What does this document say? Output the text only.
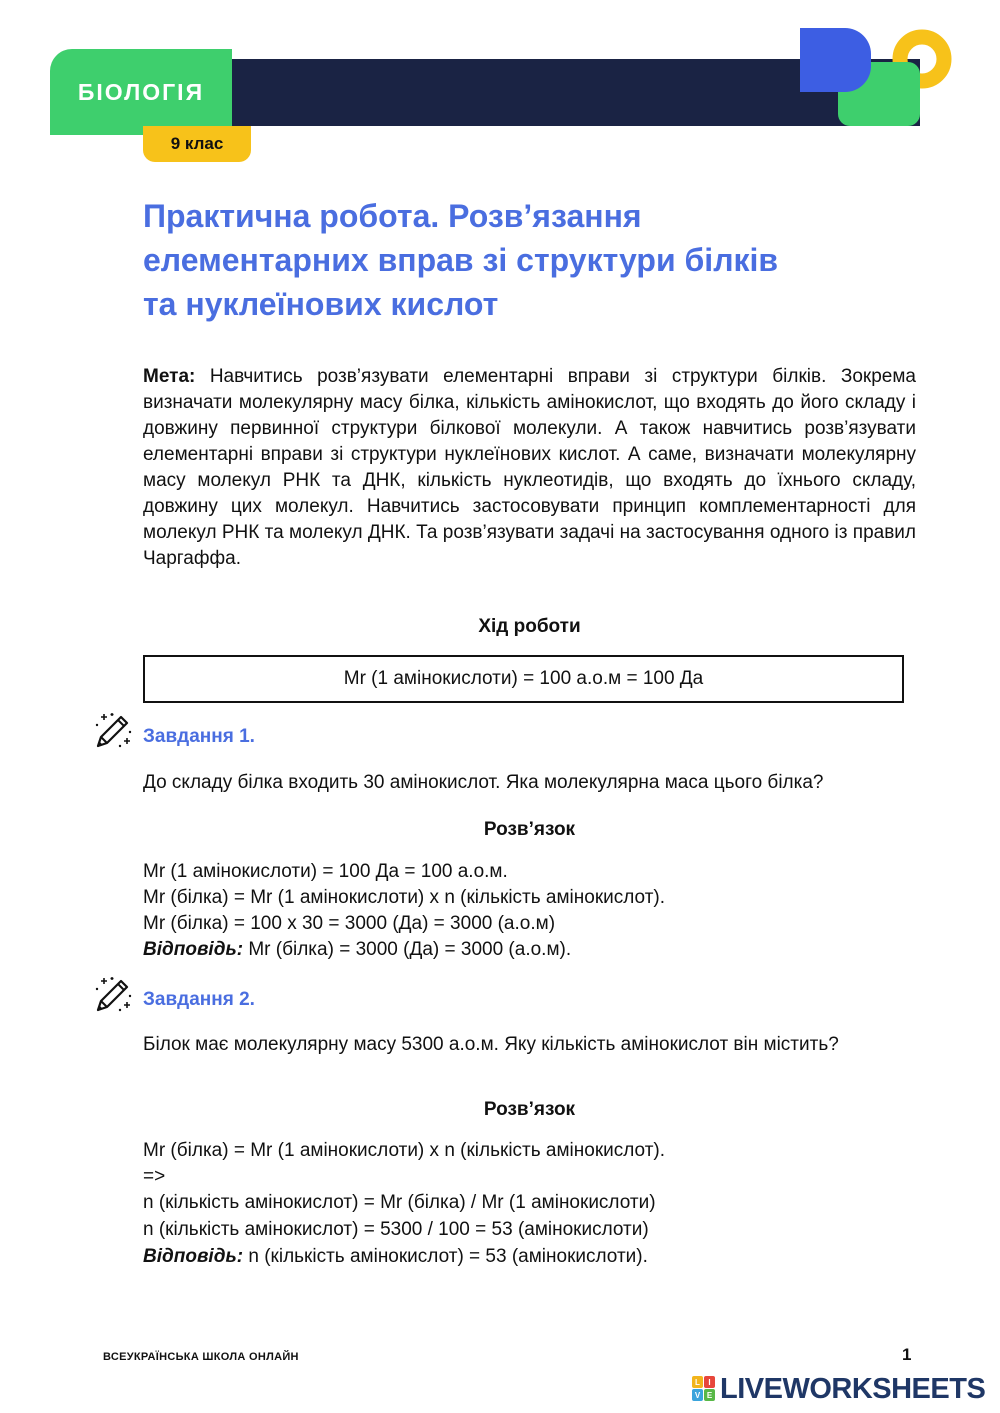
БІОЛОГІЯ
9 клас
Практична робота. Розв’язання
елементарних вправ зі структури білків
та нуклеїнових кислот

Мета: Навчитись розв’язувати елементарні вправи зі структури білків. Зокрема визначати молекулярну масу білка, кількість амінокислот, що входять до його складу і довжину первинної структури білкової молекули. А також навчитись розв’язувати елементарні вправи зі структури нуклеїнових кислот. А саме, визначати молекулярну масу молекул РНК та ДНК, кількість нуклеотидів, що входять до їхнього складу, довжину цих молекул. Навчитись застосовувати принцип комплементарності для молекул РНК та молекул ДНК. Та розв’язувати задачі на застосування одного із правил Чаргаффа.

Хід роботи
Mr (1 амінокислоти) = 100 а.о.м = 100 Да
Завдання 1.

До складу білка входить 30 амінокислот. Яка молекулярна маса цього білка?

Розв’язок
Mr (1 амінокислоти) = 100 Да = 100 а.о.м.
Mr (білка) = Mr (1 амінокислоти) х n (кількість амінокислот).
Mr (білка) = 100 х 30 = 3000 (Да) = 3000 (а.о.м)
Відповідь: Mr (білка) = 3000 (Да) = 3000 (а.о.м).
Завдання 2.

Білок має молекулярну масу 5300 а.о.м. Яку кількість амінокислот він містить?

Розв’язок
Mr (білка) = Mr (1 амінокислоти) х n (кількість амінокислот).
=>
n (кількість амінокислот) = Mr (білка) / Mr (1 амінокислоти)
n (кількість амінокислот) = 5300 / 100 = 53 (амінокислоти)
Відповідь: n (кількість амінокислот) = 53 (амінокислоти).
ВСЕУКРАЇНСЬКА ШКОЛА ОНЛАЙН	1
L I
V E LIVEWORKSHEETS
